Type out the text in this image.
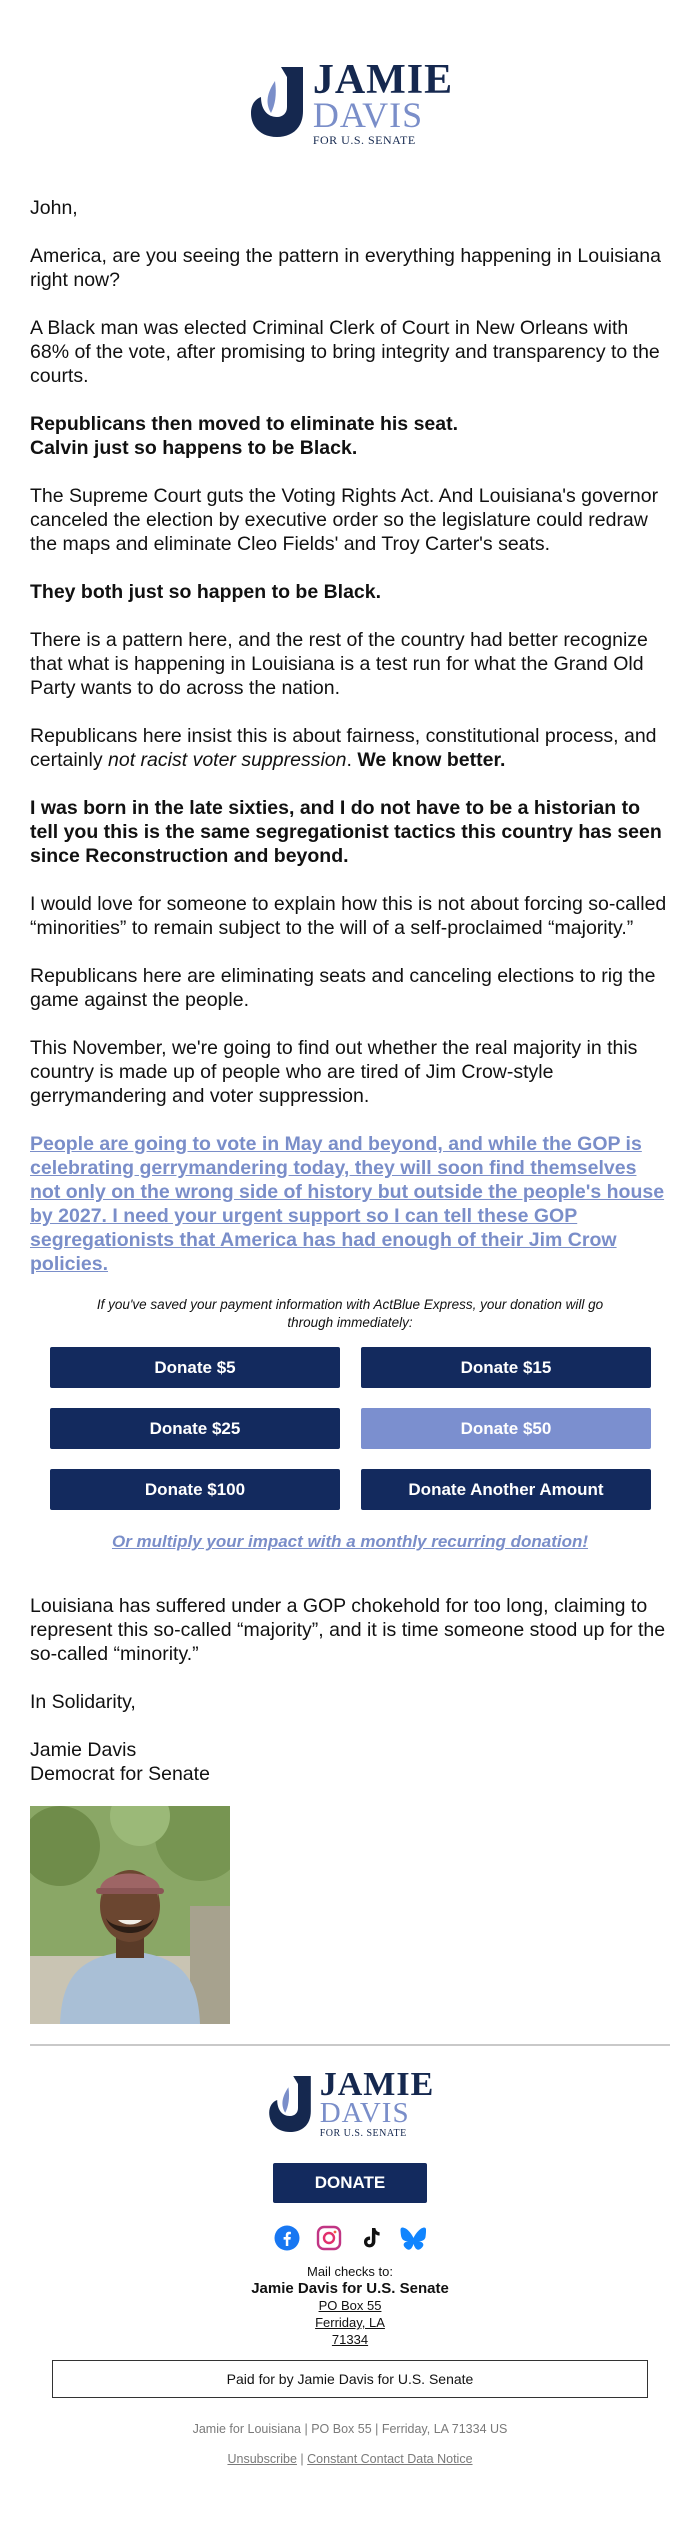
JAMIE
DAVIS
FOR U.S. SENATE
John,
America, are you seeing the pattern in everything happening in Louisiana right now?
A Black man was elected Criminal Clerk of Court in New Orleans with 68% of the vote, after promising to bring integrity and transparency to the courts.
Republicans then moved to eliminate his seat.
Calvin just so happens to be Black.
The Supreme Court guts the Voting Rights Act. And Louisiana's governor canceled the election by executive order so the legislature could redraw the maps and eliminate Cleo Fields' and Troy Carter's seats.
They both just so happen to be Black.
There is a pattern here, and the rest of the country had better recognize that what is happening in Louisiana is a test run for what the Grand Old Party wants to do across the nation.
Republicans here insist this is about fairness, constitutional process, and certainly not racist voter suppression. We know better.
I was born in the late sixties, and I do not have to be a historian to tell you this is the same segregationist tactics this country has seen since Reconstruction and beyond.
I would love for someone to explain how this is not about forcing so-called “minorities” to remain subject to the will of a self-proclaimed “majority.”
Republicans here are eliminating seats and canceling elections to rig the game against the people.
This November, we're going to find out whether the real majority in this country is made up of people who are tired of Jim Crow-style gerrymandering and voter suppression.
People are going to vote in May and beyond, and while the GOP is celebrating gerrymandering today, they will soon find themselves not only on the wrong side of history but outside the people's house by 2027. I need your urgent support so I can tell these GOP segregationists that America has had enough of their Jim Crow policies.
If you've saved your payment information with ActBlue Express, your donation will go through immediately:
Donate $5	Donate $15
Donate $25	Donate $50
Donate $100	Donate Another Amount
Or multiply your impact with a monthly recurring donation!
Louisiana has suffered under a GOP chokehold for too long, claiming to represent this so-called “majority”, and it is time someone stood up for the so-called “minority.”
In Solidarity,
Jamie Davis
Democrat for Senate
JAMIE
DAVIS
FOR U.S. SENATE
DONATE
Mail checks to:
Jamie Davis for U.S. Senate
PO Box 55
Ferriday, LA
71334
Paid for by Jamie Davis for U.S. Senate
Jamie for Louisiana | PO Box 55 | Ferriday, LA 71334 US
Unsubscribe | Constant Contact Data Notice
